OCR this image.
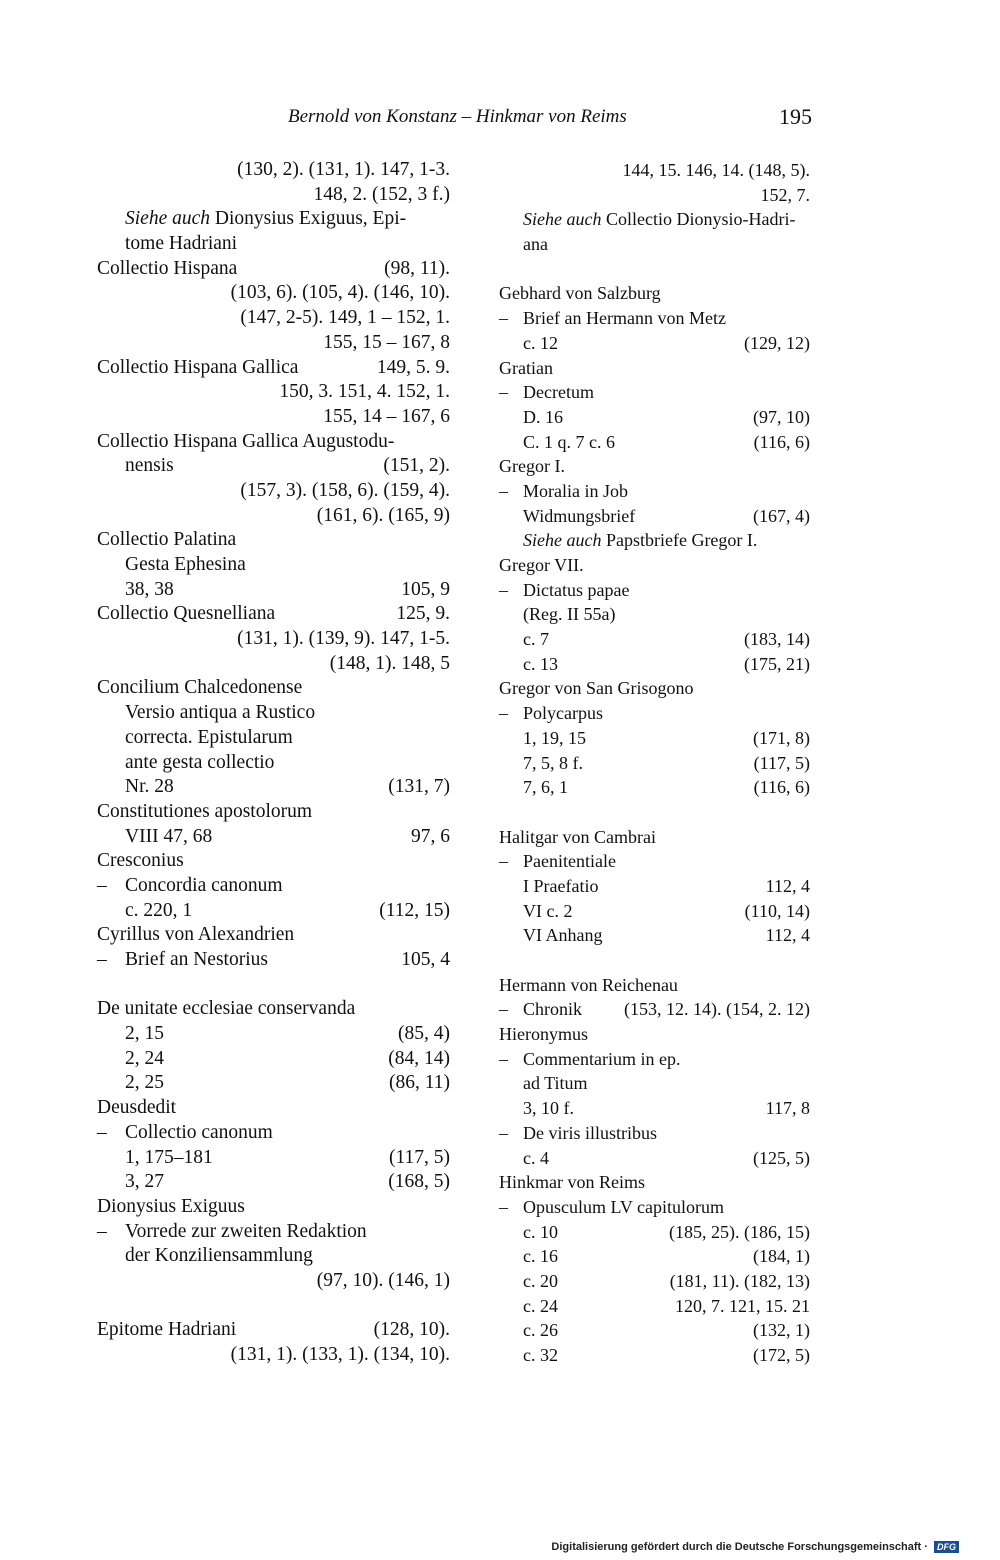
Bernold von Konstanz – Hinkmar von Reims	195
(130, 2). (131, 1). 147, 1-3.
148, 2. (152, 3 f.)
Siehe auch Dionysius Exiguus, Epi-
tome Hadriani
Collectio Hispana	(98, 11).
(103, 6). (105, 4). (146, 10).
(147, 2-5). 149, 1 – 152, 1.
155, 15 – 167, 8
Collectio Hispana Gallica	149, 5. 9.
150, 3. 151, 4. 152, 1.
155, 14 – 167, 6
Collectio Hispana Gallica Augustodu-
nensis	(151, 2).
(157, 3). (158, 6). (159, 4).
(161, 6). (165, 9)
Collectio Palatina
Gesta Ephesina
38, 38	105, 9
Collectio Quesnelliana	125, 9.
(131, 1). (139, 9). 147, 1-5.
(148, 1). 148, 5
Concilium Chalcedonense
Versio antiqua a Rustico
correcta. Epistularum
ante gesta collectio
Nr. 28	(131, 7)
Constitutiones apostolorum
VIII 47, 68	97, 6
Cresconius
– Concordia canonum
c. 220, 1	(112, 15)
Cyrillus von Alexandrien
– Brief an Nestorius	105, 4
De unitate ecclesiae conservanda
2, 15	(85, 4)
2, 24	(84, 14)
2, 25	(86, 11)
Deusdedit
– Collectio canonum
1, 175–181	(117, 5)
3, 27	(168, 5)
Dionysius Exiguus
– Vorrede zur zweiten Redaktion
der Konziliensammlung
(97, 10). (146, 1)
Epitome Hadriani	(128, 10).
(131, 1). (133, 1). (134, 10).
144, 15. 146, 14. (148, 5).
152, 7.
Siehe auch Collectio Dionysio-Hadri-
ana
Gebhard von Salzburg
– Brief an Hermann von Metz
c. 12	(129, 12)
Gratian
– Decretum
D. 16	(97, 10)
C. 1 q. 7 c. 6	(116, 6)
Gregor I.
– Moralia in Job
Widmungsbrief	(167, 4)
Siehe auch Papstbriefe Gregor I.
Gregor VII.
– Dictatus papae
(Reg. II 55a)
c. 7	(183, 14)
c. 13	(175, 21)
Gregor von San Grisogono
– Polycarpus
1, 19, 15	(171, 8)
7, 5, 8 f.	(117, 5)
7, 6, 1	(116, 6)
Halitgar von Cambrai
– Paenitentiale
I Praefatio	112, 4
VI c. 2	(110, 14)
VI Anhang	112, 4
Hermann von Reichenau
– Chronik (153, 12. 14). (154, 2. 12)
Hieronymus
– Commentarium in ep.
ad Titum
3, 10 f.	117, 8
– De viris illustribus
c. 4	(125, 5)
Hinkmar von Reims
– Opusculum LV capitulorum
c. 10	(185, 25). (186, 15)
c. 16	(184, 1)
c. 20	(181, 11). (182, 13)
c. 24	120, 7. 121, 15. 21
c. 26	(132, 1)
c. 32	(172, 5)
Digitalisierung gefördert durch die Deutsche Forschungsgemeinschaft · DFG
